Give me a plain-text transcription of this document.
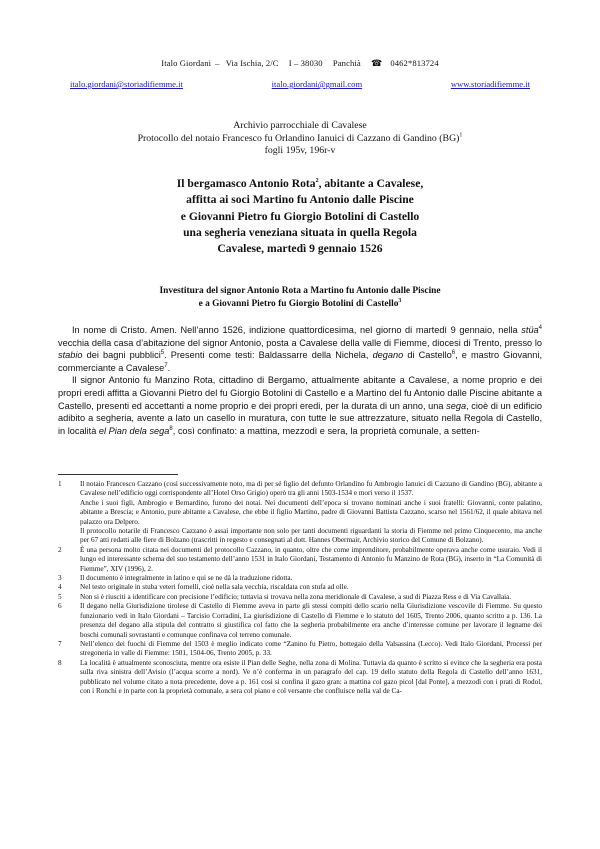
Italo Giordani – Via Ischia, 2/C I – 38030 Panchià ☎ 0462*813724
italo.giordani@storiadifiemme.it	italo.giordani@gmail.com	www.storiadifiemme.it
Archivio parrocchiale di Cavalese
Protocollo del notaio Francesco fu Orlandino Ianuici di Cazzano di Gandino (BG)$^1$
fogli 195v, 196r-v
Il bergamasco Antonio Rota$^2$, abitante a Cavalese,
affitta ai soci Martino fu Antonio dalle Piscine
e Giovanni Pietro fu Giorgio Botolini di Castello
una segheria veneziana situata in quella Regola
Cavalese, martedì 9 gennaio 1526
Investitura del signor Antonio Rota a Martino fu Antonio dalle Piscine
e a Giovanni Pietro fu Giorgio Botolini di Castello$^3$

In nome di Cristo. Amen. Nell’anno 1526, indizione quattordicesima, nel giorno di martedì 9 gennaio, nella stüa$^4$ vecchia della casa d’abitazione del signor Antonio, posta a Cavalese della valle di Fiemme, diocesi di Trento, presso lo stabio dei bagni pubblici$^5$. Presenti come testi: Baldassarre della Nichela, degano di Castello$^6$, e mastro Giovanni, commerciante a Cavalese$^7$.

Il signor Antonio fu Manzino Rota, cittadino di Bergamo, attualmente abitante a Cavalese, a nome proprio e dei propri eredi affitta a Giovanni Pietro del fu Giorgio Botolini di Castello e a Martino del fu Antonio dalle Piscine abitante a Castello, presenti ed accettanti a nome proprio e dei propri eredi, per la durata di un anno, una sega, cioè di un edificio adibito a segheria, avente a lato un casello in muratura, con tutte le sue attrezzature, situato nella Regola di Castello, in località el Pian dela sega$^8$, così confinato: a mattina, mezzodì e sera, la proprietà comunale, a setten-

1	Il notaio Francesco Cazzano (così successivamente noto, ma di per sé figlio del defunto Orlandino fu Ambrogio Ianuici di Cazzano di Gandino (BG), abitante a Cavalese nell’edificio oggi corrispondente all’Hotel Orso Grigio) operò tra gli anni 1503-1534 e morì verso il 1537.

Anche i suoi figli, Ambrogio e Bernardino, furono dei notai. Nei documenti dell’epoca si trovano nominati anche i suoi fratelli: Giovanni, conte palatino, abitante a Brescia; e Antonio, pure abitante a Cavalese, che ebbe il figlio Martino, padre di Giovanni Battista Cazzano, scarso nel 1561/62, il quale abitava nel palazzo ora Delpero.

Il protocollo notarile di Francesco Cazzano è assai importante non solo per tanti documenti riguardanti la storia di Fiemme nel primo Cinquecento, ma anche per 67 atti redatti alle fiere di Bolzano (trascritti in regesto e consegnati al dott. Hannes Obermair, Archivio storico del Comune di Bolzano).

2	È una persona molto citata nei documenti del protocollo Cazzano, in quanto, oltre che come imprenditore, probabilmente operava anche come usuraio. Vedi il lungo ed interessante schema del suo testamento dell’anno 1531 in Italo Giordani, Testamento di Antonio fu Manzino de Rota (BG), inserto in “La Comunità di Fiemme”, XIV (1996), 2.

3	Il documento è integralmente in latino e qui se ne dà la traduzione ridotta.

4	Nel testo originale in stuba veteri fornelli, cioè nella sala vecchia, riscaldata con stufa ad olle.

5	Non si è riusciti a identificare con precisione l’edificio; tuttavia si trovava nella zona meridionale di Cavalese, a sud di Piazza Ress e di Via Cavallaia.

6	Il degano nella Giurisdizione tirolese di Castello di Fiemme aveva in parte gli stessi compiti dello scario nella Giurisdizione vescovile di Fiemme. Su questo funzionario vedi in Italo Giordani – Tarcisio Corradini, La giurisdizione di Castello di Fiemme e lo statuto del 1605, Trento 2006, quanto scritto a p. 136. La presenza del degano alla stipula del contratto si giustifica col fatto che la segheria probabilmente era anche d’interesse comune per lavorare il legname dei boschi comunali sovrastanti e comunque confinava col terreno comunale.

7	Nell’elenco dei fuochi di Fiemme del 1503 è meglio indicato come “Zanino fu Pietro, bottegaio della Valsassina (Lecco). Vedi Italo Giordani, Processi per stregoneria in valle di Fiemme: 1501, 1504-06, Trento 2005, p. 33.

8	La località è attualmente sconosciuta, mentre ora esiste il Pian delle Seghe, nella zona di Molina. Tuttavia da quanto è scritto si evince che la segheria era posta sulla riva sinistra dell’Avisio (l’acqua scorre a nord). Ve n’è conferma in un paragrafo del cap. 19 dello statuto della Regola di Castello dell’anno 1631, pubblicato nel volume citato a nota precedente, dove a p. 161 così si confina il gazo gran: a mattina col gazo picol [dal Ponte], a mezzodì con i prati di Rodol, con i Ronchi e in parte con la proprietà comunale, a sera col piano e col versante che confluisce nella val de Ca-
